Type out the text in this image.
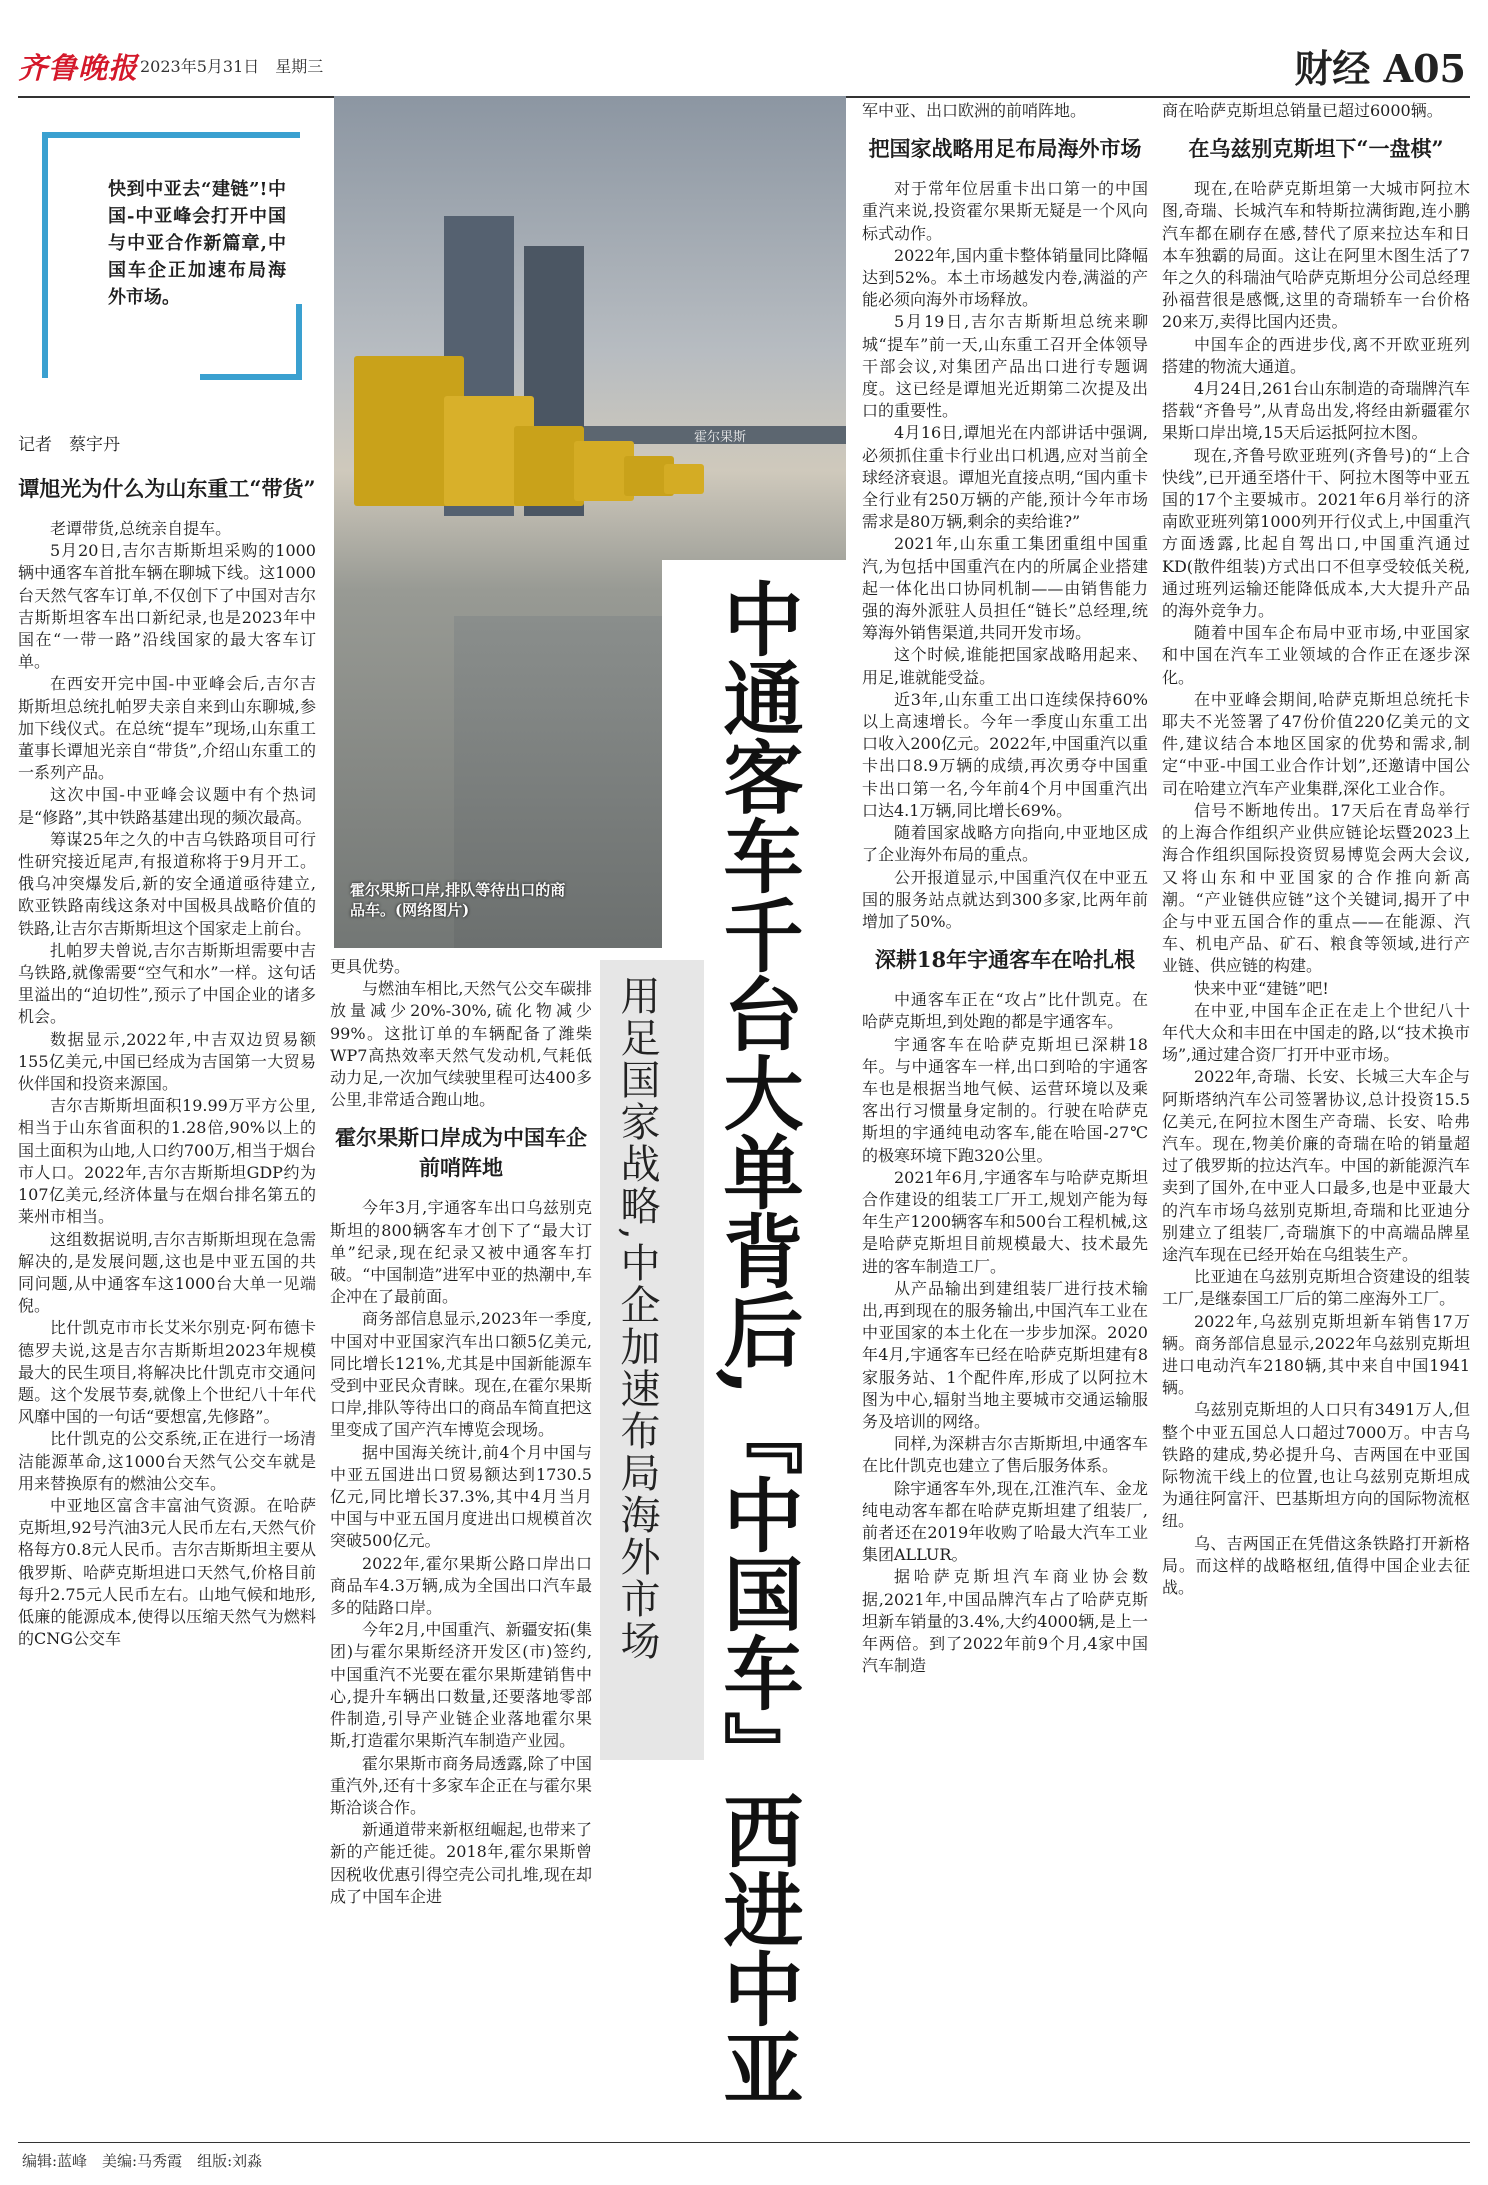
齐鲁晚报 2023年5月31日　 星期三	财经 A05
快到中亚去“建链”!中国-中亚峰会打开中国与中亚合作新篇章,中国车企正加速布局海外市场。
记者　蔡宇丹	霍尔果斯
霍尔果斯口岸,排队等待出口的商品车。(网络图片)	中通客车千台大单背后,『中国车』西进中亚
用足国家战略,中企加速布局海外市场
谭旭光为什么为山东重工“带货”

老谭带货,总统亲自提车。

5月20日,吉尔吉斯斯坦采购的1000辆中通客车首批车辆在聊城下线。这1000台天然气客车订单,不仅创下了中国对吉尔吉斯斯坦客车出口新纪录,也是2023年中国在“一带一路”沿线国家的最大客车订单。

在西安开完中国-中亚峰会后,吉尔吉斯斯坦总统扎帕罗夫亲自来到山东聊城,参加下线仪式。在总统“提车”现场,山东重工董事长谭旭光亲自“带货”,介绍山东重工的一系列产品。

这次中国-中亚峰会议题中有个热词是“修路”,其中铁路基建出现的频次最高。

筹谋25年之久的中吉乌铁路项目可行性研究接近尾声,有报道称将于9月开工。俄乌冲突爆发后,新的安全通道亟待建立,欧亚铁路南线这条对中国极具战略价值的铁路,让吉尔吉斯斯坦这个国家走上前台。

扎帕罗夫曾说,吉尔吉斯斯坦需要中吉乌铁路,就像需要“空气和水”一样。这句话里溢出的“迫切性”,预示了中国企业的诸多机会。

数据显示,2022年,中吉双边贸易额155亿美元,中国已经成为吉国第一大贸易伙伴国和投资来源国。

吉尔吉斯斯坦面积19.99万平方公里,相当于山东省面积的1.28倍,90%以上的国土面积为山地,人口约700万,相当于烟台市人口。2022年,吉尔吉斯斯坦GDP约为107亿美元,经济体量与在烟台排名第五的莱州市相当。

这组数据说明,吉尔吉斯斯坦现在急需解决的,是发展问题,这也是中亚五国的共同问题,从中通客车这1000台大单一见端倪。

比什凯克市市长艾米尔别克·阿布德卡德罗夫说,这是吉尔吉斯斯坦2023年规模最大的民生项目,将解决比什凯克市交通问题。这个发展节奏,就像上个世纪八十年代风靡中国的一句话“要想富,先修路”。

比什凯克的公交系统,正在进行一场清洁能源革命,这1000台天然气公交车就是用来替换原有的燃油公交车。

中亚地区富含丰富油气资源。在哈萨克斯坦,92号汽油3元人民币左右,天然气价格每方0.8元人民币。吉尔吉斯斯坦主要从俄罗斯、哈萨克斯坦进口天然气,价格目前每升2.75元人民币左右。山地气候和地形,低廉的能源成本,使得以压缩天然气为燃料的CNG公交车

更具优势。

与燃油车相比,天然气公交车碳排放量减少20%-30%,硫化物减少99%。这批订单的车辆配备了潍柴WP7高热效率天然气发动机,气耗低动力足,一次加气续驶里程可达400多公里,非常适合跑山地。

霍尔果斯口岸成为中国车企前哨阵地

今年3月,宇通客车出口乌兹别克斯坦的800辆客车才创下了“最大订单”纪录,现在纪录又被中通客车打破。“中国制造”进军中亚的热潮中,车企冲在了最前面。

商务部信息显示,2023年一季度,中国对中亚国家汽车出口额5亿美元,同比增长121%,尤其是中国新能源车受到中亚民众青睐。现在,在霍尔果斯口岸,排队等待出口的商品车简直把这里变成了国产汽车博览会现场。

据中国海关统计,前4个月中国与中亚五国进出口贸易额达到1730.5亿元,同比增长37.3%,其中4月当月中国与中亚五国月度进出口规模首次突破500亿元。

2022年,霍尔果斯公路口岸出口商品车4.3万辆,成为全国出口汽车最多的陆路口岸。

今年2月,中国重汽、新疆安拓(集团)与霍尔果斯经济开发区(市)签约,中国重汽不光要在霍尔果斯建销售中心,提升车辆出口数量,还要落地零部件制造,引导产业链企业落地霍尔果斯,打造霍尔果斯汽车制造产业园。

霍尔果斯市商务局透露,除了中国重汽外,还有十多家车企正在与霍尔果斯洽谈合作。

新通道带来新枢纽崛起,也带来了新的产能迁徙。2018年,霍尔果斯曾因税收优惠引得空壳公司扎堆,现在却成了中国车企进

军中亚、出口欧洲的前哨阵地。

把国家战略用足布局海外市场

对于常年位居重卡出口第一的中国重汽来说,投资霍尔果斯无疑是一个风向标式动作。

2022年,国内重卡整体销量同比降幅达到52%。本土市场越发内卷,满溢的产能必须向海外市场释放。

5月19日,吉尔吉斯斯坦总统来聊城“提车”前一天,山东重工召开全体领导干部会议,对集团产品出口进行专题调度。这已经是谭旭光近期第二次提及出口的重要性。

4月16日,谭旭光在内部讲话中强调,必须抓住重卡行业出口机遇,应对当前全球经济衰退。谭旭光直接点明,“国内重卡全行业有250万辆的产能,预计今年市场需求是80万辆,剩余的卖给谁?”

2021年,山东重工集团重组中国重汽,为包括中国重汽在内的所属企业搭建起一体化出口协同机制——由销售能力强的海外派驻人员担任“链长”总经理,统筹海外销售渠道,共同开发市场。

这个时候,谁能把国家战略用起来、用足,谁就能受益。

近3年,山东重工出口连续保持60%以上高速增长。今年一季度山东重工出口收入200亿元。2022年,中国重汽以重卡出口8.9万辆的成绩,再次勇夺中国重卡出口第一名,今年前4个月中国重汽出口达4.1万辆,同比增长69%。

随着国家战略方向指向,中亚地区成了企业海外布局的重点。

公开报道显示,中国重汽仅在中亚五国的服务站点就达到300多家,比两年前增加了50%。

深耕18年宇通客车在哈扎根

中通客车正在“攻占”比什凯克。在哈萨克斯坦,到处跑的都是宇通客车。

宇通客车在哈萨克斯坦已深耕18年。与中通客车一样,出口到哈的宇通客车也是根据当地气候、运营环境以及乘客出行习惯量身定制的。行驶在哈萨克斯坦的宇通纯电动客车,能在哈国-27℃的极寒环境下跑320公里。

2021年6月,宇通客车与哈萨克斯坦合作建设的组装工厂开工,规划产能为每年生产1200辆客车和500台工程机械,这是哈萨克斯坦目前规模最大、技术最先进的客车制造工厂。

从产品输出到建组装厂进行技术输出,再到现在的服务输出,中国汽车工业在中亚国家的本土化在一步步加深。2020年4月,宇通客车已经在哈萨克斯坦建有8家服务站、1个配件库,形成了以阿拉木图为中心,辐射当地主要城市交通运输服务及培训的网络。

同样,为深耕吉尔吉斯斯坦,中通客车在比什凯克也建立了售后服务体系。

除宇通客车外,现在,江淮汽车、金龙纯电动客车都在哈萨克斯坦建了组装厂,前者还在2019年收购了哈最大汽车工业集团ALLUR。

据哈萨克斯坦汽车商业协会数据,2021年,中国品牌汽车占了哈萨克斯坦新车销量的3.4%,大约4000辆,是上一年两倍。到了2022年前9个月,4家中国汽车制造

商在哈萨克斯坦总销量已超过6000辆。

在乌兹别克斯坦下“一盘棋”

现在,在哈萨克斯坦第一大城市阿拉木图,奇瑞、长城汽车和特斯拉满街跑,连小鹏汽车都在刷存在感,替代了原来拉达车和日本车独霸的局面。这让在阿里木图生活了7年之久的科瑞油气哈萨克斯坦分公司总经理孙福营很是感慨,这里的奇瑞轿车一台价格20来万,卖得比国内还贵。

中国车企的西进步伐,离不开欧亚班列搭建的物流大通道。

4月24日,261台山东制造的奇瑞牌汽车搭载“齐鲁号”,从青岛出发,将经由新疆霍尔果斯口岸出境,15天后运抵阿拉木图。

现在,齐鲁号欧亚班列(齐鲁号)的“上合快线”,已开通至塔什干、阿拉木图等中亚五国的17个主要城市。2021年6月举行的济南欧亚班列第1000列开行仪式上,中国重汽方面透露,比起自驾出口,中国重汽通过KD(散件组装)方式出口不但享受较低关税,通过班列运输还能降低成本,大大提升产品的海外竞争力。

随着中国车企布局中亚市场,中亚国家和中国在汽车工业领域的合作正在逐步深化。

在中亚峰会期间,哈萨克斯坦总统托卡耶夫不光签署了47份价值220亿美元的文件,建议结合本地区国家的优势和需求,制定“中亚-中国工业合作计划”,还邀请中国公司在哈建立汽车产业集群,深化工业合作。

信号不断地传出。17天后在青岛举行的上海合作组织产业供应链论坛暨2023上海合作组织国际投资贸易博览会两大会议,又将山东和中亚国家的合作推向新高潮。“产业链供应链”这个关键词,揭开了中企与中亚五国合作的重点——在能源、汽车、机电产品、矿石、粮食等领域,进行产业链、供应链的构建。

快来中亚“建链”吧!

在中亚,中国车企正在走上个世纪八十年代大众和丰田在中国走的路,以“技术换市场”,通过建合资厂打开中亚市场。

2022年,奇瑞、长安、长城三大车企与阿斯塔纳汽车公司签署协议,总计投资15.5亿美元,在阿拉木图生产奇瑞、长安、哈弗汽车。现在,物美价廉的奇瑞在哈的销量超过了俄罗斯的拉达汽车。中国的新能源汽车卖到了国外,在中亚人口最多,也是中亚最大的汽车市场乌兹别克斯坦,奇瑞和比亚迪分别建立了组装厂,奇瑞旗下的中高端品牌星途汽车现在已经开始在乌组装生产。

比亚迪在乌兹别克斯坦合资建设的组装工厂,是继泰国工厂后的第二座海外工厂。

2022年,乌兹别克斯坦新车销售17万辆。商务部信息显示,2022年乌兹别克斯坦进口电动汽车2180辆,其中来自中国1941辆。

乌兹别克斯坦的人口只有3491万人,但整个中亚五国总人口超过7000万。中吉乌铁路的建成,势必提升乌、吉两国在中亚国际物流干线上的位置,也让乌兹别克斯坦成为通往阿富汗、巴基斯坦方向的国际物流枢纽。

乌、吉两国正在凭借这条铁路打开新格局。而这样的战略枢纽,值得中国企业去征战。

编辑:蓝峰　美编:马秀霞　组版:刘淼
